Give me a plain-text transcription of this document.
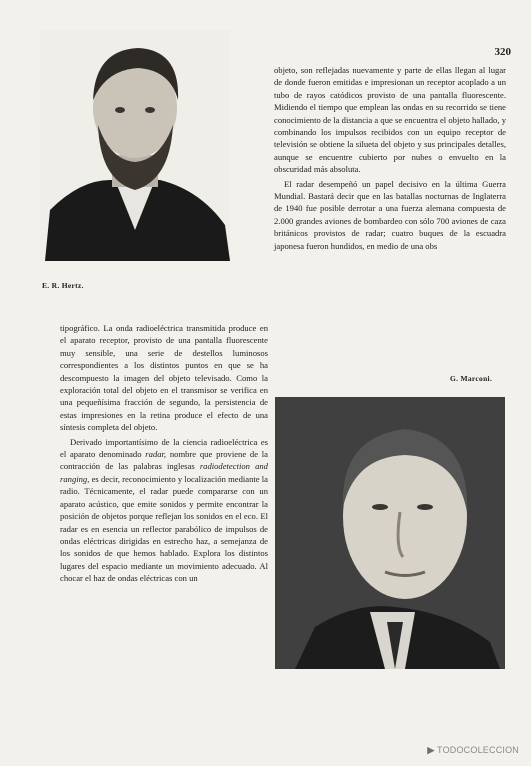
320
E. R. Hertz.

objeto, son reflejadas nuevamente y parte de ellas llegan al lugar de donde fueron emitidas e impresionan un receptor acoplado a un tubo de rayos catódicos provisto de una pantalla fluorescente. Midiendo el tiempo que emplean las ondas en su recorrido se tiene conocimiento de la distancia a que se encuentra el objeto hallado, y combinando los impulsos recibidos con un equipo receptor de televisión se obtiene la silueta del objeto y sus principales detalles, aunque se encuentre cubierto por nubes o envuelto en la obscuridad más absoluta.

El radar desempeñó un papel decisivo en la última Guerra Mundial. Bastará decir que en las batallas nocturnas de Inglaterra de 1940 fue posible derrotar a una fuerza alemana compuesta de 2.000 grandes aviones de bombardeo con sólo 700 aviones de caza británicos provistos de radar; cuatro buques de la escuadra japonesa fueron hundidos, en medio de una obs

tipográfico. La onda radioeléctrica transmitida produce en el aparato receptor, provisto de una pantalla fluorescente muy sensible, una serie de destellos luminosos correspondientes a los distintos puntos en que se ha descompuesto la imagen del objeto televisado. Como la exploración total del objeto en el transmisor se verifica en una pequeñísima fracción de segundo, la persistencia de estas impresiones en la retina produce el efecto de una síntesis completa del objeto.

Derivado importantísimo de la ciencia radioeléctrica es el aparato denominado radar, nombre que proviene de la contracción de las palabras inglesas radiodetection and ranging, es decir, reconocimiento y localización mediante la radio. Técnicamente, el radar puede compararse con un aparato acústico, que emite sonidos y permite encontrar la posición de objetos porque reflejan los sonidos en el eco. El radar es en esencia un reflector parabólico de impulsos de ondas eléctricas dirigidas en estrecho haz, a semejanza de los sonidos de que hemos hablado. Explora los distintos lugares del espacio mediante un movimiento adecuado. Al chocar el haz de ondas eléctricas con un

G. Marconi.
▶ TODOCOLECCION
